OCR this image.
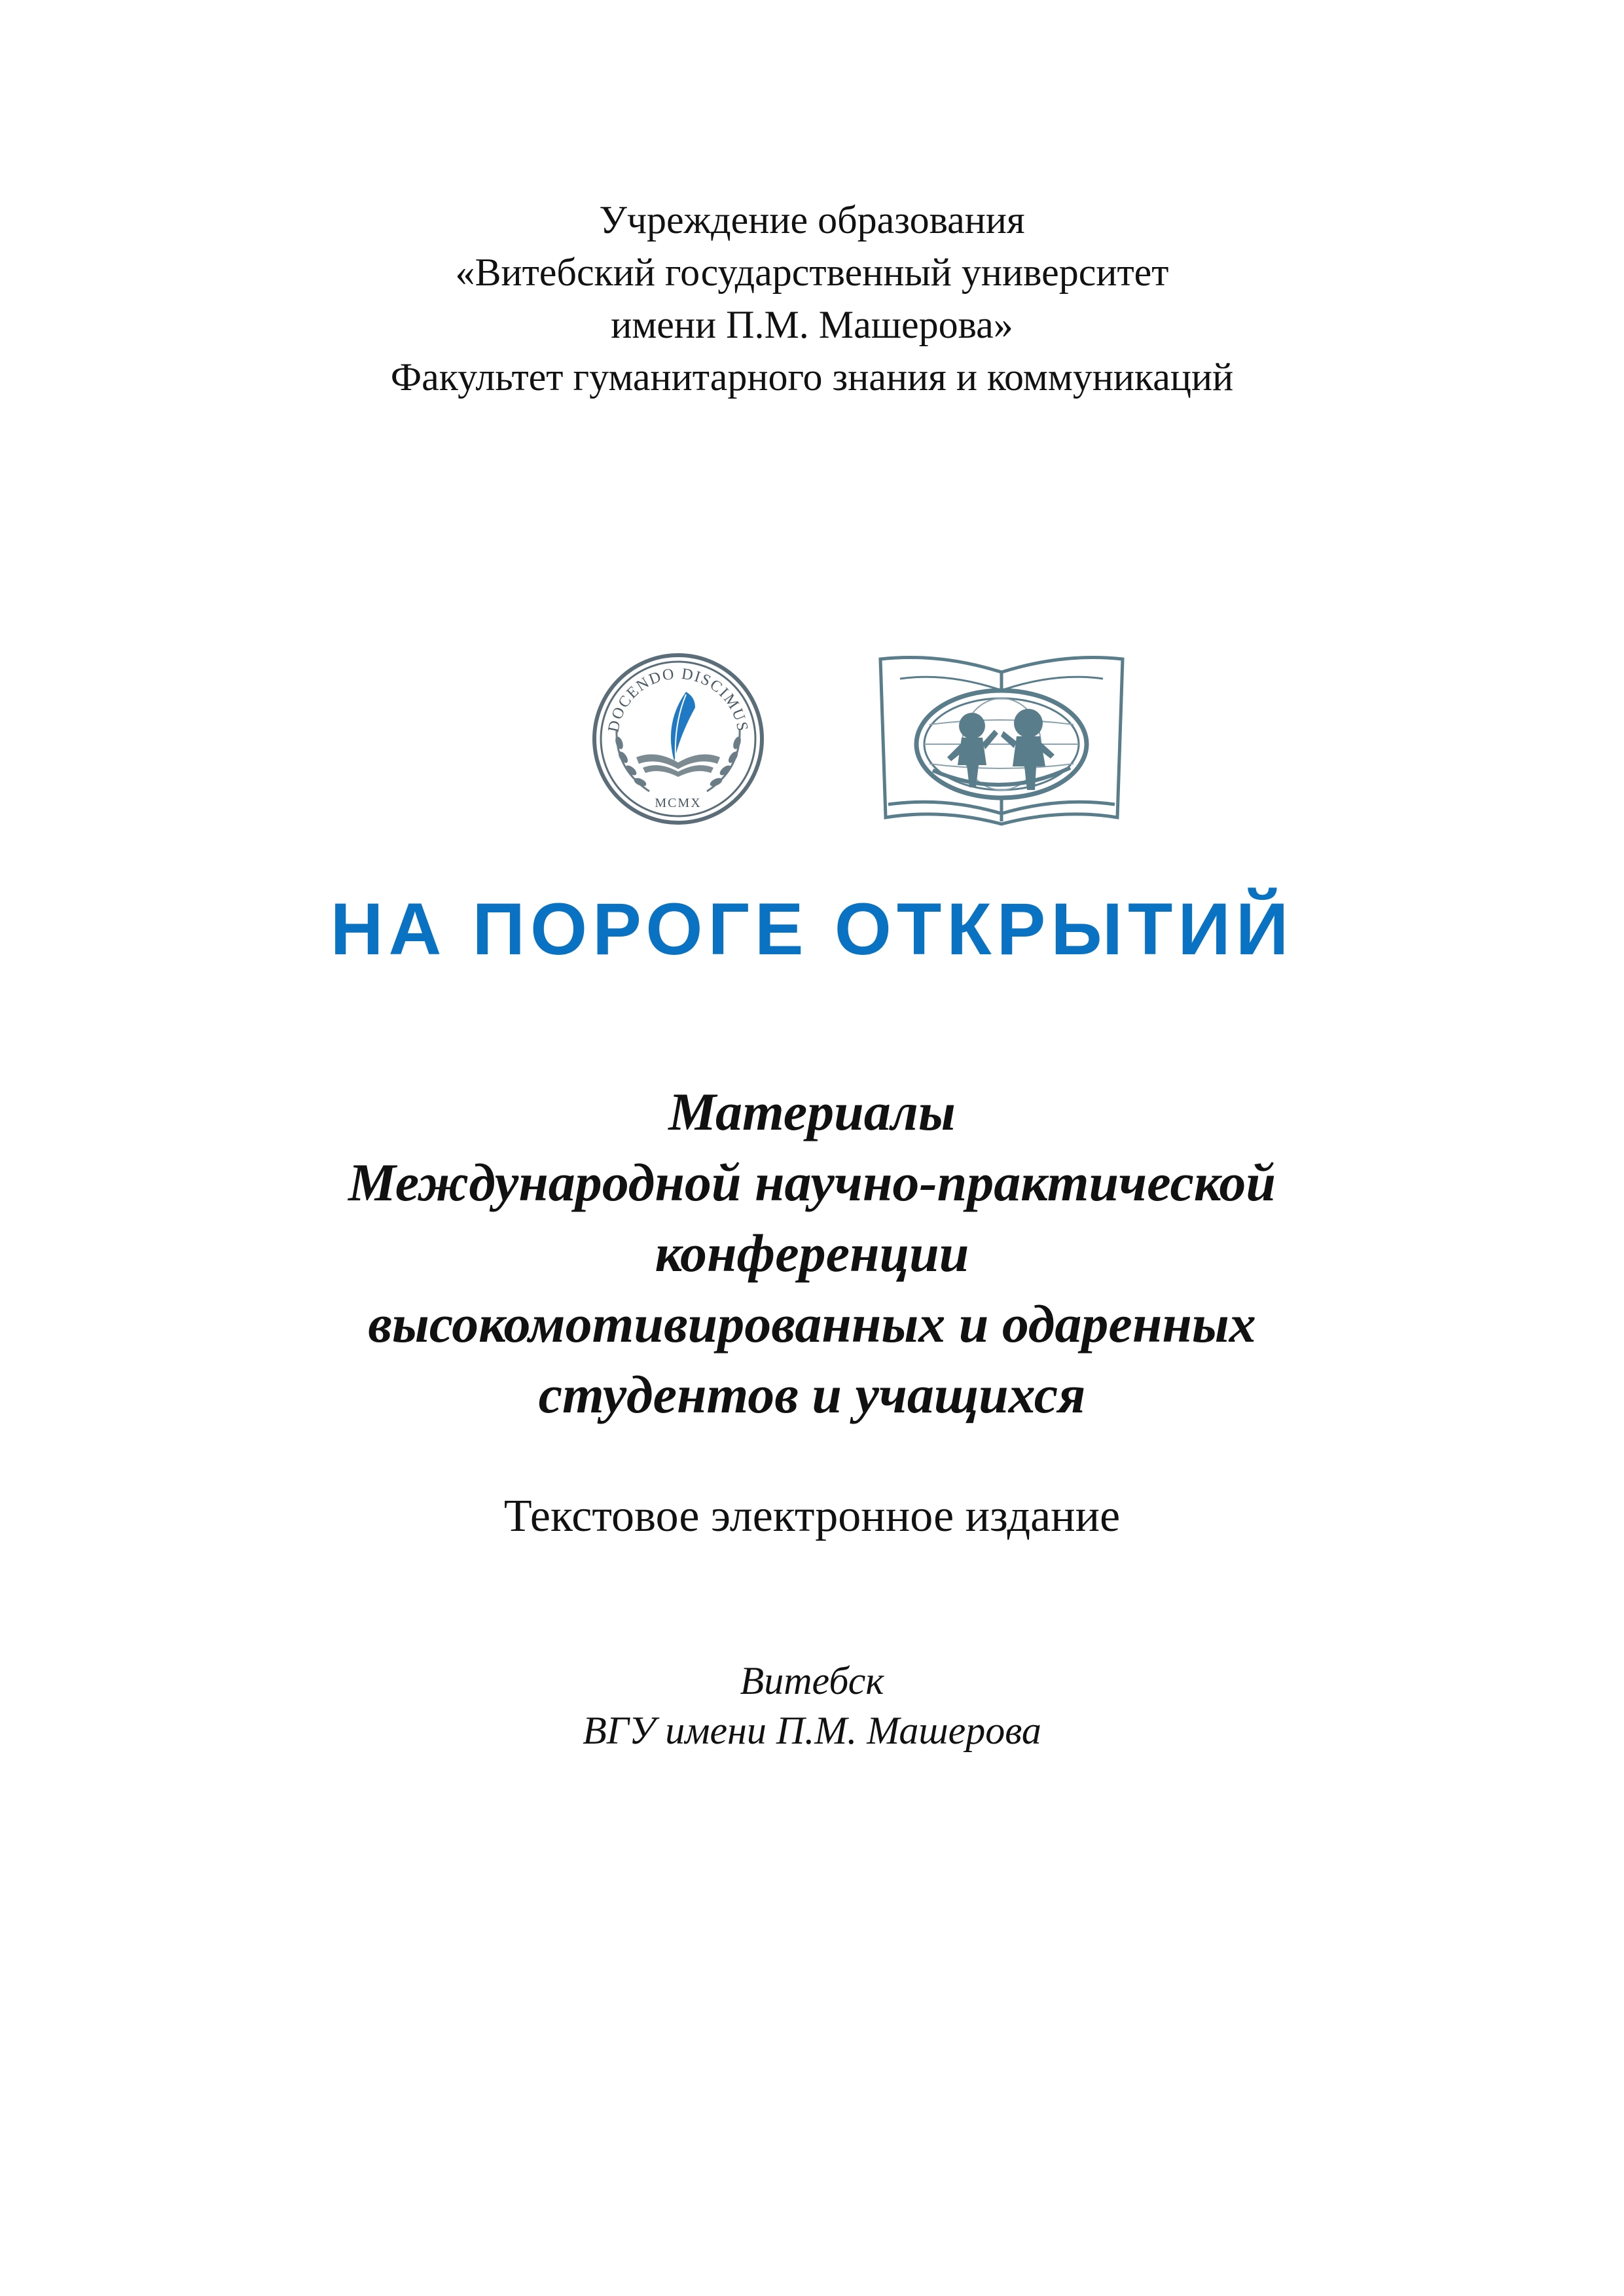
Учреждение образования
«Витебский государственный университет
имени П.М. Машерова»
Факультет гуманитарного знания и коммуникаций
DOCENDO DISCIMUS
MCMX
НА ПОРОГЕ ОТКРЫТИЙ
Материалы
Международной научно-практической
конференции
высокомотивированных и одаренных
студентов и учащихся
Текстовое электронное издание
Витебск
ВГУ имени П.М. Машерова
